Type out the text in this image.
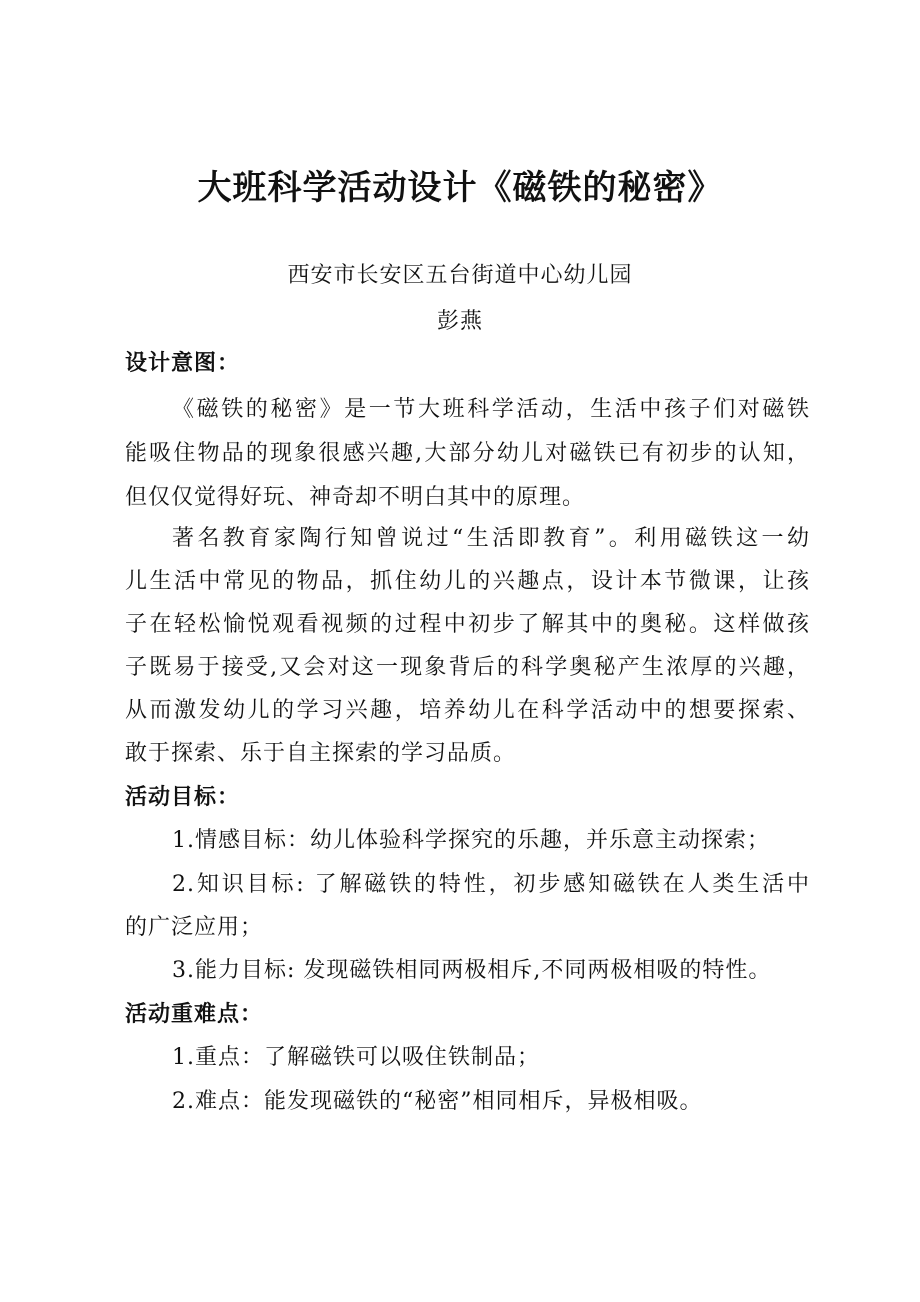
大班科学活动设计《磁铁的秘密》
西安市长安区五台街道中心幼儿园
彭燕
设计意图：
《磁铁的秘密》是一节大班科学活动，生活中孩子们对磁铁
能吸住物品的现象很感兴趣,大部分幼儿对磁铁已有初步的认知，
但仅仅觉得好玩、神奇却不明白其中的原理。
著名教育家陶行知曾说过“生活即教育”。利用磁铁这一幼
儿生活中常见的物品，抓住幼儿的兴趣点，设计本节微课，让孩
子在轻松愉悦观看视频的过程中初步了解其中的奥秘。这样做孩
子既易于接受,又会对这一现象背后的科学奥秘产生浓厚的兴趣，
从而激发幼儿的学习兴趣，培养幼儿在科学活动中的想要探索、
敢于探索、乐于自主探索的学习品质。
活动目标：
1.情感目标：幼儿体验科学探究的乐趣，并乐意主动探索；
2.知识目标: 了解磁铁的特性，初步感知磁铁在人类生活中
的广泛应用；
3.能力目标: 发现磁铁相同两极相斥,不同两极相吸的特性。
活动重难点：
1.重点：了解磁铁可以吸住铁制品；
2.难点：能发现磁铁的“秘密”相同相斥，异极相吸。
